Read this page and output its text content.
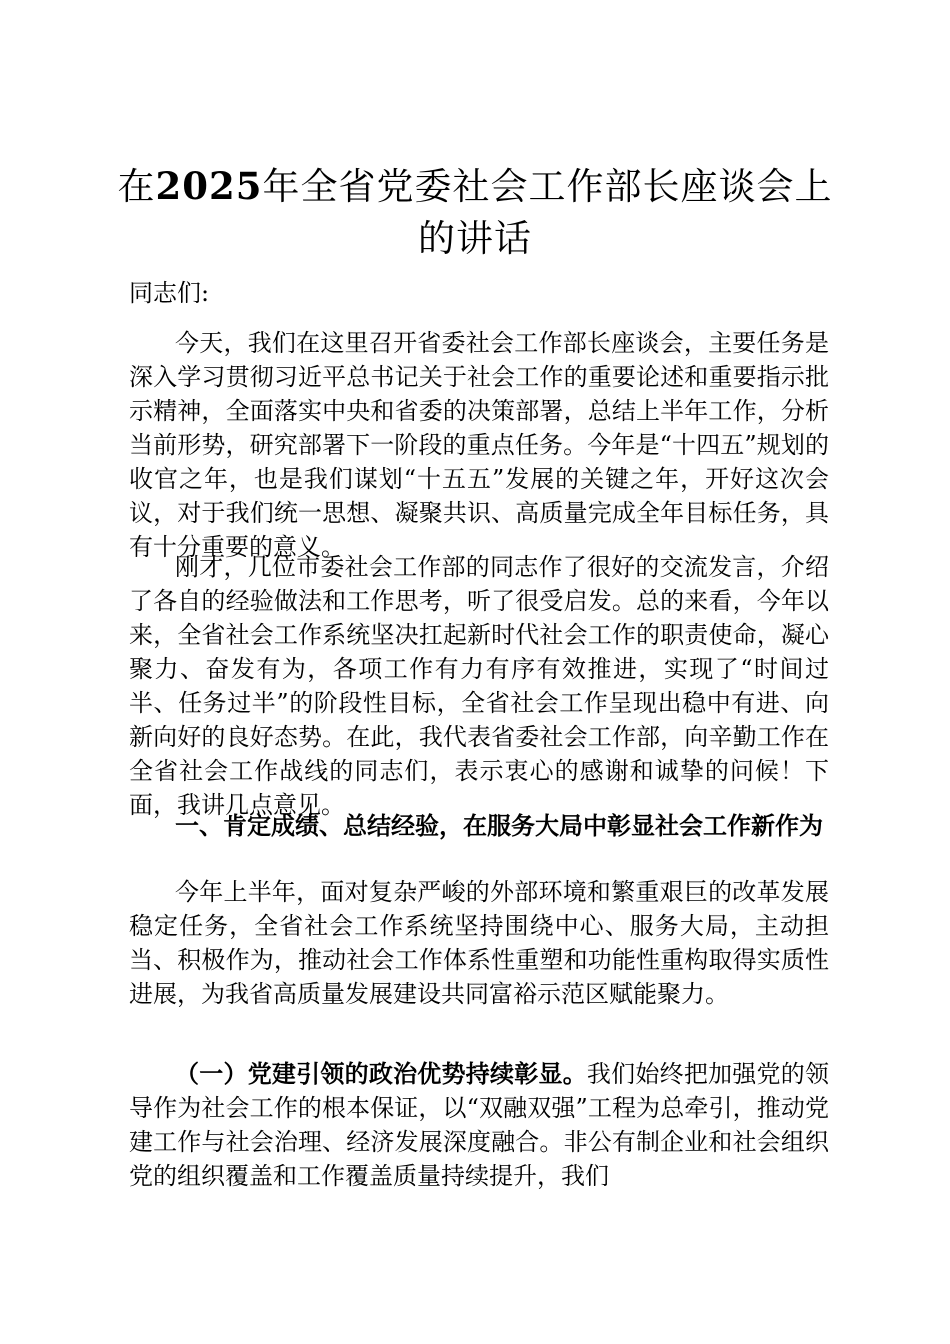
在2025年全省党委社会工作部长座谈会上的讲话
同志们:

今天，我们在这里召开省委社会工作部长座谈会，主要任务是深入学习贯彻习近平总书记关于社会工作的重要论述和重要指示批示精神，全面落实中央和省委的决策部署，总结上半年工作，分析当前形势，研究部署下一阶段的重点任务。今年是“十四五”规划的收官之年，也是我们谋划“十五五”发展的关键之年，开好这次会议，对于我们统一思想、凝聚共识、高质量完成全年目标任务，具有十分重要的意义。

刚才，几位市委社会工作部的同志作了很好的交流发言，介绍了各自的经验做法和工作思考，听了很受启发。总的来看，今年以来，全省社会工作系统坚决扛起新时代社会工作的职责使命，凝心聚力、奋发有为，各项工作有力有序有效推进，实现了“时间过半、任务过半”的阶段性目标，全省社会工作呈现出稳中有进、向新向好的良好态势。在此，我代表省委社会工作部，向辛勤工作在全省社会工作战线的同志们，表示衷心的感谢和诚挚的问候！下面，我讲几点意见。

一、肯定成绩、总结经验，在服务大局中彰显社会工作新作为

今年上半年，面对复杂严峻的外部环境和繁重艰巨的改革发展稳定任务，全省社会工作系统坚持围绕中心、服务大局，主动担当、积极作为，推动社会工作体系性重塑和功能性重构取得实质性进展，为我省高质量发展建设共同富裕示范区赋能聚力。

（一）党建引领的政治优势持续彰显。我们始终把加强党的领导作为社会工作的根本保证，以“双融双强”工程为总牵引，推动党建工作与社会治理、经济发展深度融合。非公有制企业和社会组织党的组织覆盖和工作覆盖质量持续提升，我们
